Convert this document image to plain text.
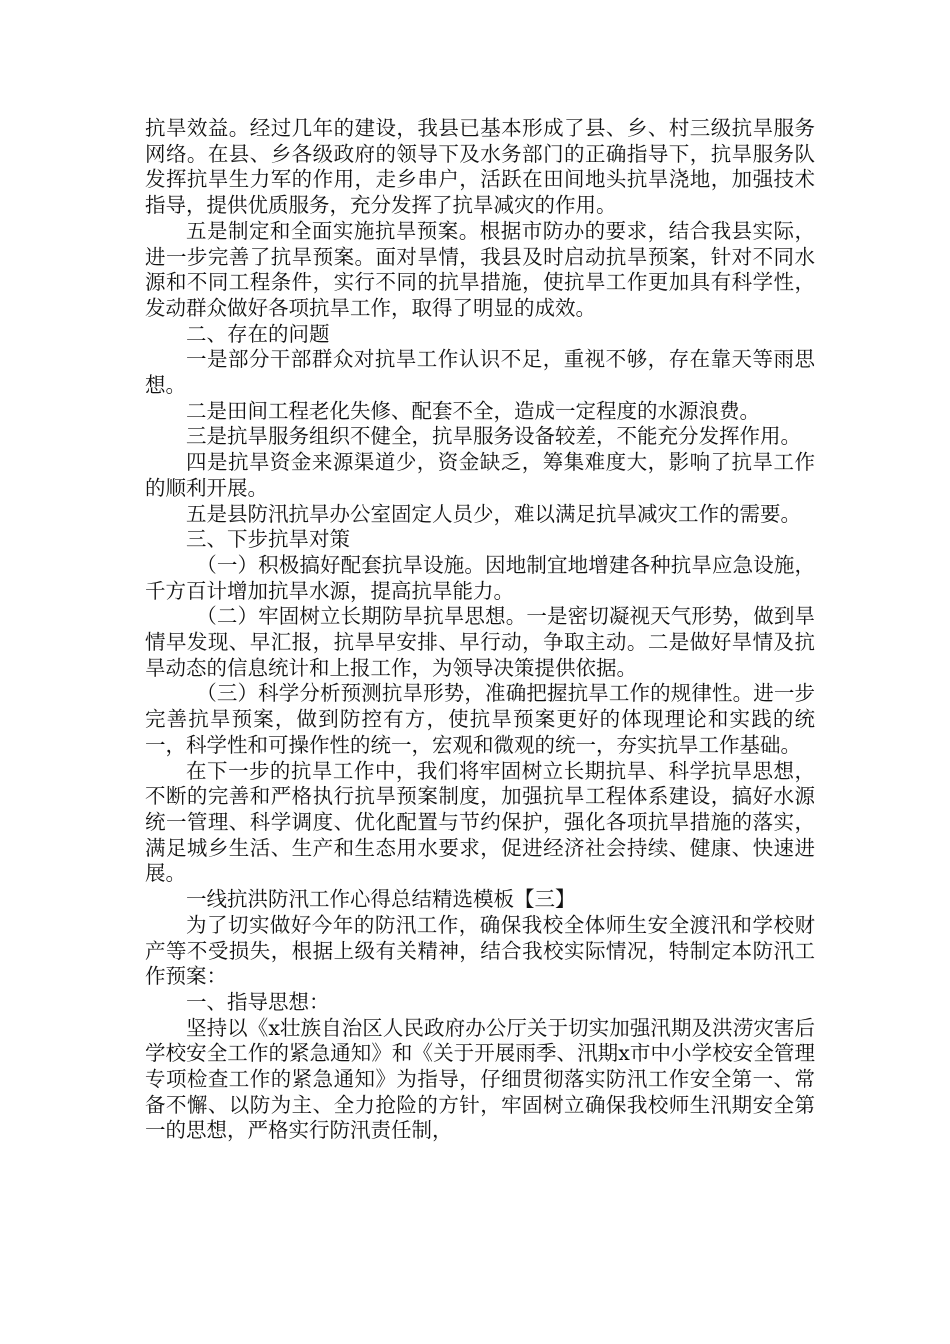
抗旱效益。经过几年的建设，我县已基本形成了县、乡、村三级抗旱服务网络。在县、乡各级政府的领导下及水务部门的正确指导下，抗旱服务队发挥抗旱生力军的作用，走乡串户，活跃在田间地头抗旱浇地，加强技术指导，提供优质服务，充分发挥了抗旱减灾的作用。

五是制定和全面实施抗旱预案。根据市防办的要求，结合我县实际，进一步完善了抗旱预案。面对旱情，我县及时启动抗旱预案，针对不同水源和不同工程条件，实行不同的抗旱措施，使抗旱工作更加具有科学性，发动群众做好各项抗旱工作，取得了明显的成效。

二、存在的问题

一是部分干部群众对抗旱工作认识不足，重视不够，存在靠天等雨思想。

二是田间工程老化失修、配套不全，造成一定程度的水源浪费。

三是抗旱服务组织不健全，抗旱服务设备较差，不能充分发挥作用。

四是抗旱资金来源渠道少，资金缺乏，筹集难度大，影响了抗旱工作的顺利开展。

五是县防汛抗旱办公室固定人员少，难以满足抗旱减灾工作的需要。

三、下步抗旱对策

（一）积极搞好配套抗旱设施。因地制宜地增建各种抗旱应急设施，千方百计增加抗旱水源，提高抗旱能力。

（二）牢固树立长期防旱抗旱思想。一是密切凝视天气形势，做到旱情早发现、早汇报，抗旱早安排、早行动，争取主动。二是做好旱情及抗旱动态的信息统计和上报工作，为领导决策提供依据。

（三）科学分析预测抗旱形势，准确把握抗旱工作的规律性。进一步完善抗旱预案，做到防控有方，使抗旱预案更好的体现理论和实践的统一，科学性和可操作性的统一，宏观和微观的统一，夯实抗旱工作基础。

在下一步的抗旱工作中，我们将牢固树立长期抗旱、科学抗旱思想，不断的完善和严格执行抗旱预案制度，加强抗旱工程体系建设，搞好水源统一管理、科学调度、优化配置与节约保护，强化各项抗旱措施的落实，满足城乡生活、生产和生态用水要求，促进经济社会持续、健康、快速进展。

一线抗洪防汛工作心得总结精选模板【三】

为了切实做好今年的防汛工作，确保我校全体师生安全渡汛和学校财产等不受损失，根据上级有关精神，结合我校实际情况，特制定本防汛工作预案：

一、指导思想：

坚持以《x壮族自治区人民政府办公厅关于切实加强汛期及洪涝灾害后学校安全工作的紧急通知》和《关于开展雨季、汛期x市中小学校安全管理专项检查工作的紧急通知》为指导，仔细贯彻落实防汛工作安全第一、常备不懈、以防为主、全力抢险的方针，牢固树立确保我校师生汛期安全第一的思想，严格实行防汛责任制，
